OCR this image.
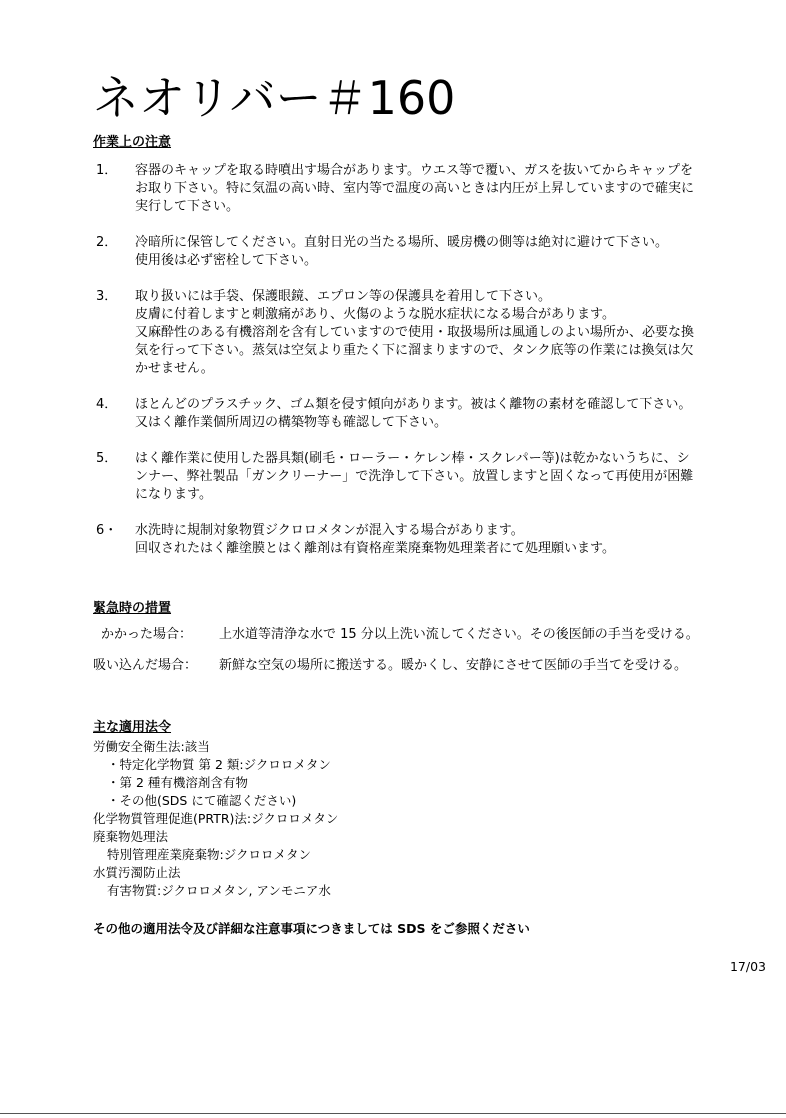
ネオリバー＃160
作業上の注意
1．	容器のキャップを取る時噴出す場合があります。ウエス等で覆い、ガスを抜いてからキャップを
お取り下さい。特に気温の高い時、室内等で温度の高いときは内圧が上昇していますので確実に
実行して下さい。
2．	冷暗所に保管してください。直射日光の当たる場所、暖房機の側等は絶対に避けて下さい。
使用後は必ず密栓して下さい。
3．	取り扱いには手袋、保護眼鏡、エプロン等の保護具を着用して下さい。
皮膚に付着しますと刺激痛があり、火傷のような脱水症状になる場合があります。
又麻酔性のある有機溶剤を含有していますので使用・取扱場所は風通しのよい場所か、必要な換
気を行って下さい。蒸気は空気より重たく下に溜まりますので、タンク底等の作業には換気は欠
かせません。
4．	ほとんどのプラスチック、ゴム類を侵す傾向があります。被はく離物の素材を確認して下さい。
又はく離作業個所周辺の構築物等も確認して下さい。
5．	はく離作業に使用した器具類(刷毛・ローラー・ケレン棒・スクレパー等)は乾かないうちに、シ
ンナー、弊社製品「ガンクリーナー」で洗浄して下さい。放置しますと固くなって再使用が困難
になります。
6・	水洗時に規制対象物質ジクロロメタンが混入する場合があります。
回収されたはく離塗膜とはく離剤は有資格産業廃棄物処理業者にて処理願います。
緊急時の措置
かかった場合：	上水道等清浄な水で 15 分以上洗い流してください。その後医師の手当を受ける。
吸い込んだ場合：	新鮮な空気の場所に搬送する。暖かくし、安静にさせて医師の手当てを受ける。
主な適用法令
労働安全衛生法:該当
・特定化学物質 第 2 類:ジクロロメタン
・第 2 種有機溶剤含有物
・その他(SDS にて確認ください)
化学物質管理促進(PRTR)法:ジクロロメタン
廃棄物処理法
特別管理産業廃棄物:ジクロロメタン
水質汚濁防止法
有害物質:ジクロロメタン, アンモニア水
その他の適用法令及び詳細な注意事項につきましては SDS をご参照ください
17/03
